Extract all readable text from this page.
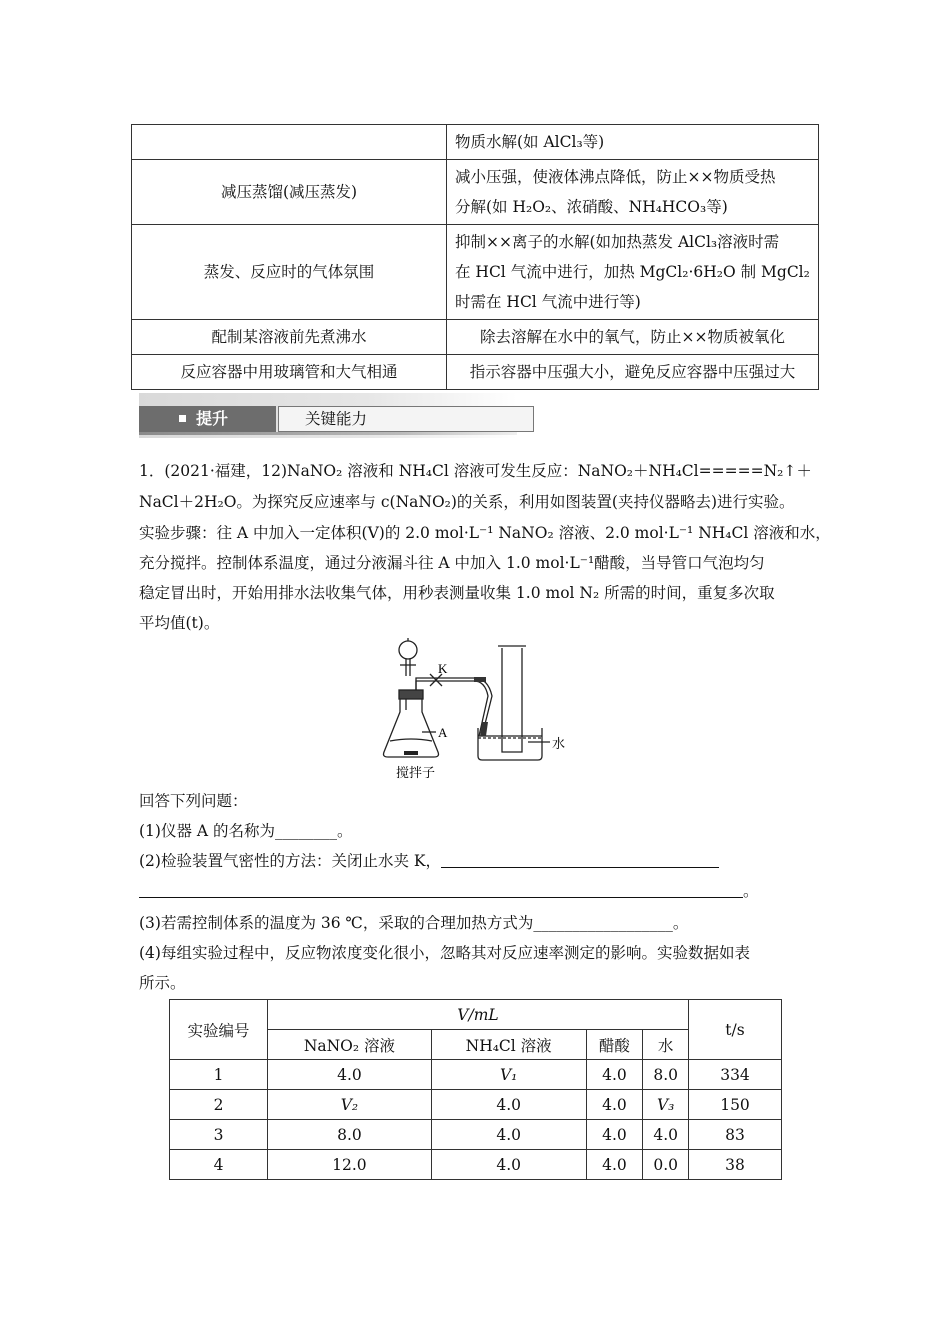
	物质水解(如 AlCl₃等)
减压蒸馏(减压蒸发)	减小压强，使液体沸点降低，防止××物质受热
分解(如 H₂O₂、浓硝酸、NH₄HCO₃等)

蒸发、反应时的气体氛围	抑制××离子的水解(如加热蒸发 AlCl₃溶液时需
在 HCl 气流中进行，加热 MgCl₂·6H₂O 制 MgCl₂
时需在 HCl 气流中进行等)

配制某溶液前先煮沸水	除去溶解在水中的氧气，防止××物质被氧化
反应容器中用玻璃管和大气相通	指示容器中压强大小，避免反应容器中压强过大
提升	关键能力
1．(2021·福建，12)NaNO₂ 溶液和 NH₄Cl 溶液可发生反应：NaNO₂＋NH₄Cl=====N₂↑＋
NaCl＋2H₂O。为探究反应速率与 c(NaNO₂)的关系，利用如图装置(夹持仪器略去)进行实验。
实验步骤：往 A 中加入一定体积(V)的 2.0 mol·L⁻¹ NaNO₂ 溶液、2.0 mol·L⁻¹ NH₄Cl 溶液和水，
充分搅拌。控制体系温度，通过分液漏斗往 A 中加入 1.0 mol·L⁻¹醋酸，当导管口气泡均匀
稳定冒出时，开始用排水法收集气体，用秒表测量收集 1.0 mol N₂ 所需的时间，重复多次取
平均值(t)。
K
A
水
搅拌子
回答下列问题：
(1)仪器 A 的名称为________。
(2)检验装置气密性的方法：关闭止水夹 K，
。
(3)若需控制体系的温度为 36 ℃，采取的合理加热方式为__________________。
(4)每组实验过程中，反应物浓度变化很小，忽略其对反应速率测定的影响。实验数据如表
所示。
实验编号	V/mL				t/s
	NaNO₂ 溶液	NH₄Cl 溶液	醋酸	水	
1	4.0	V₁	4.0	8.0	334
2	V₂	4.0	4.0	V₃	150
3	8.0	4.0	4.0	4.0	83
4	12.0	4.0	4.0	0.0	38
